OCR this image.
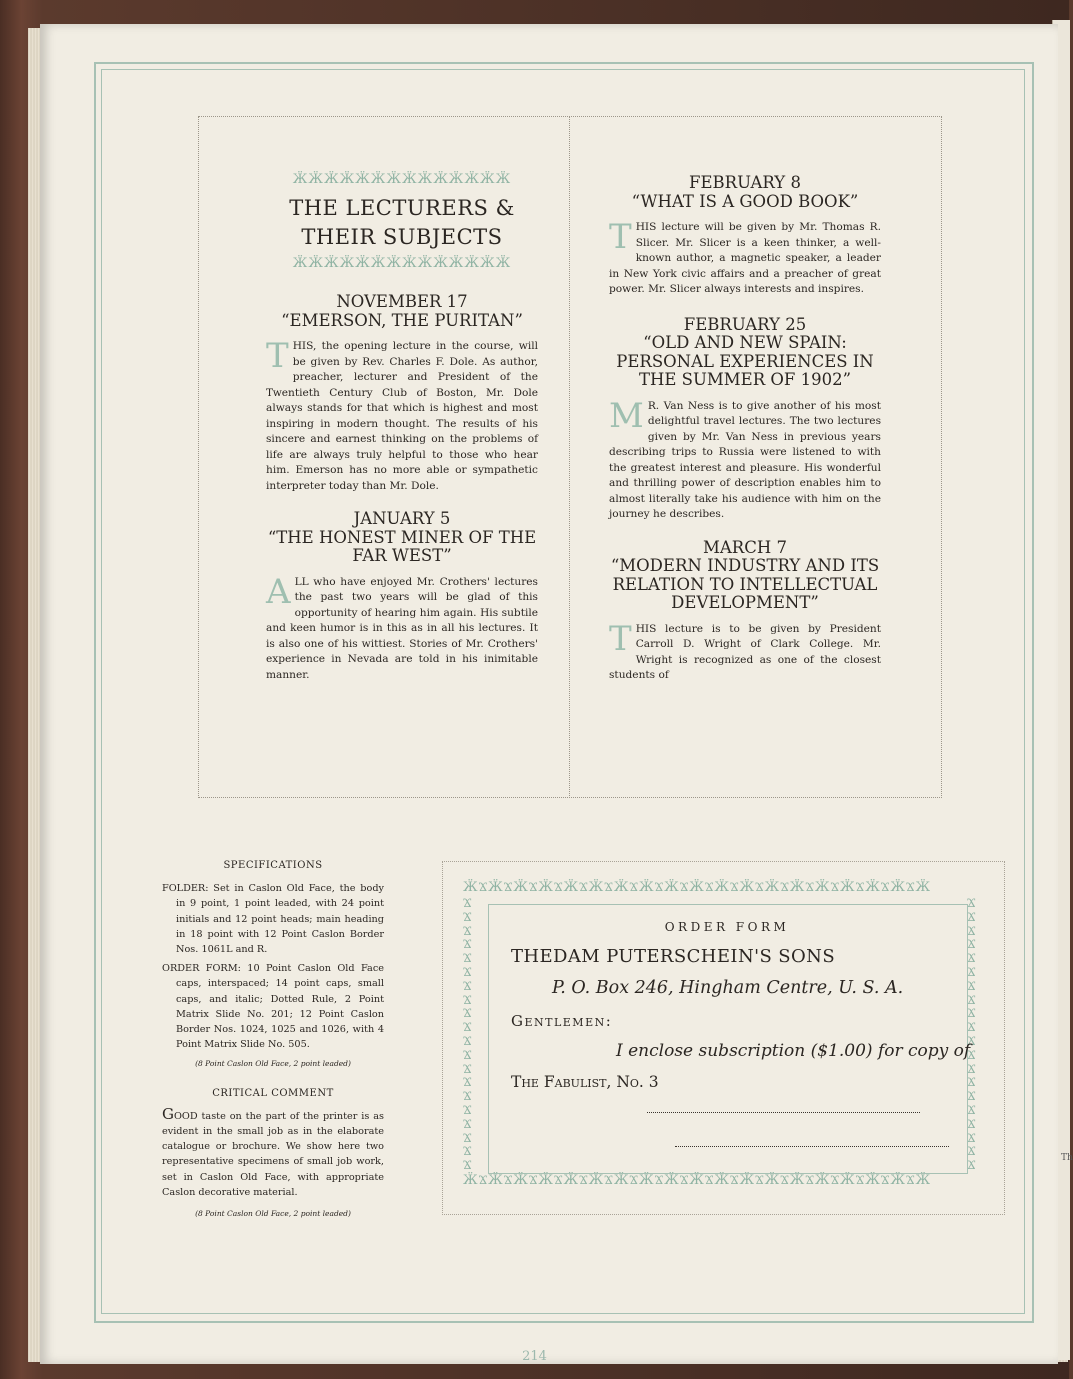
Th
ӜӜӜӜӜӜӜӜӜӜӜӜӜӜ
THE LECTURERS &
THEIR SUBJECTS
ӜӜӜӜӜӜӜӜӜӜӜӜӜӜ
NOVEMBER 17
“EMERSON, THE PURITAN”

THIS, the opening lecture in the course, will be given by Rev. Charles F. Dole. As author, preacher, lecturer and President of the Twentieth Century Club of Boston, Mr. Dole always stands for that which is highest and most inspiring in modern thought. The results of his sincere and earnest thinking on the problems of life are always truly helpful to those who hear him. Emerson has no more able or sympathetic interpreter today than Mr. Dole.

JANUARY 5
“THE HONEST MINER OF THE FAR WEST”

ALL who have enjoyed Mr. Crothers' lectures the past two years will be glad of this opportunity of hearing him again. His subtile and keen humor is in this as in all his lectures. It is also one of his wittiest. Stories of Mr. Crothers' experience in Nevada are told in his inimitable manner.

FEBRUARY 8
“WHAT IS A GOOD BOOK”

THIS lecture will be given by Mr. Thomas R. Slicer. Mr. Slicer is a keen thinker, a well-known author, a magnetic speaker, a leader in New York civic affairs and a preacher of great power. Mr. Slicer always interests and inspires.

FEBRUARY 25
“OLD AND NEW SPAIN: PERSONAL EXPERIENCES IN THE SUMMER OF 1902”

M R. Van Ness is to give another of his most delightful travel lectures. The two lectures given by Mr. Van Ness in previous years describing trips to Russia were listened to with the greatest interest and pleasure. His wonderful and thrilling power of description enables him to almost literally take his audience with him on the journey he describes.

MARCH 7
“MODERN INDUSTRY AND ITS RELATION TO INTELLECTUAL DEVELOPMENT”

THIS lecture is to be given by President Carroll D. Wright of Clark College. Mr. Wright is recognized as one of the closest students of

SPECIFICATIONS

FOLDER: Set in Caslon Old Face, the body in 9 point, 1 point leaded, with 24 point initials and 12 point heads; main heading in 18 point with 12 Point Caslon Border Nos. 1061L and R.

ORDER FORM: 10 Point Caslon Old Face caps, interspaced; 14 point caps, small caps, and italic; Dotted Rule, 2 Point Matrix Slide No. 201; 12 Point Caslon Border Nos. 1024, 1025 and 1026, with 4 Point Matrix Slide No. 505.

(8 Point Caslon Old Face, 2 point leaded)

CRITICAL COMMENT

GOOD taste on the part of the printer is as evident in the small job as in the elaborate catalogue or brochure. We show here two representative specimens of small job work, set in Caslon Old Face, with appropriate Caslon decorative material.

(8 Point Caslon Old Face, 2 point leaded)

ӜϪӜϪӜϪӜϪӜϪӜϪӜϪӜϪӜϪӜϪӜϪӜϪӜϪӜϪӜϪӜϪӜϪӜϪӜ
ӜϪӜϪӜϪӜϪӜϪӜϪӜϪӜϪӜϪӜϪӜϪӜϪӜϪӜϪӜϪӜϪӜϪӜϪӜ
ϪϪϪϪϪϪϪϪϪϪϪϪϪϪϪϪϪϪϪϪ
ϪϪϪϪϪϪϪϪϪϪϪϪϪϪϪϪϪϪϪϪ
ORDER FORM
THEDAM PUTERSCHEIN'S SONS
P. O. Box 246, Hingham Centre, U. S. A.
Gentlemen:
I enclose subscription ($1.00) for copy of
The Fabulist, No. 3
214
